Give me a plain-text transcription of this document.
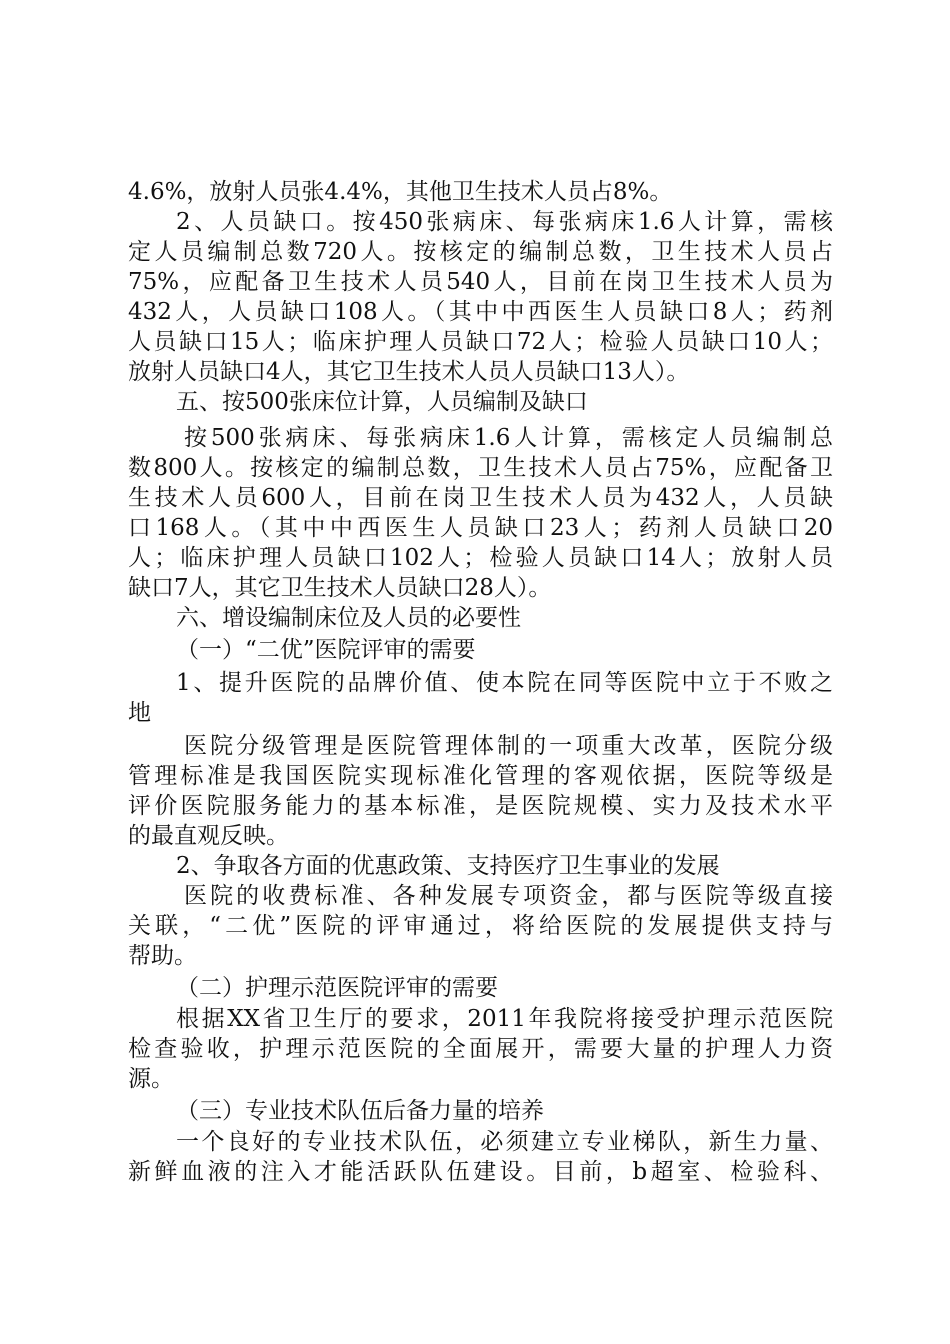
4.6%，放射人员张4.4%，其他卫生技术人员占8%。
2、人员缺口。按450张病床、每张病床1.6人计算，需核
定人员编制总数720人。按核定的编制总数，卫生技术人员占
75%，应配备卫生技术人员540人，目前在岗卫生技术人员为
432人，人员缺口108人。（其中中西医生人员缺口8人；药剂
人员缺口15人；临床护理人员缺口72人；检验人员缺口10人；
放射人员缺口4人，其它卫生技术人员人员缺口13人）。
五、按500张床位计算，人员编制及缺口
按500张病床、每张病床1.6人计算，需核定人员编制总
数800人。按核定的编制总数，卫生技术人员占75%，应配备卫
生技术人员600人，目前在岗卫生技术人员为432人，人员缺
口168人。（其中中西医生人员缺口23人；药剂人员缺口20
人；临床护理人员缺口102人；检验人员缺口14人；放射人员
缺口7人，其它卫生技术人员缺口28人）。
六、增设编制床位及人员的必要性
（一）“二优”医院评审的需要
1、提升医院的品牌价值、使本院在同等医院中立于不败之
地
医院分级管理是医院管理体制的一项重大改革，医院分级
管理标准是我国医院实现标准化管理的客观依据，医院等级是
评价医院服务能力的基本标准，是医院规模、实力及技术水平
的最直观反映。
2、争取各方面的优惠政策、支持医疗卫生事业的发展
医院的收费标准、各种发展专项资金，都与医院等级直接
关联，“二优”医院的评审通过，将给医院的发展提供支持与
帮助。
（二）护理示范医院评审的需要
根据XX省卫生厅的要求，2011年我院将接受护理示范医院
检查验收，护理示范医院的全面展开，需要大量的护理人力资
源。
（三）专业技术队伍后备力量的培养
一个良好的专业技术队伍，必须建立专业梯队，新生力量、
新鲜血液的注入才能活跃队伍建设。目前，b超室、检验科、
